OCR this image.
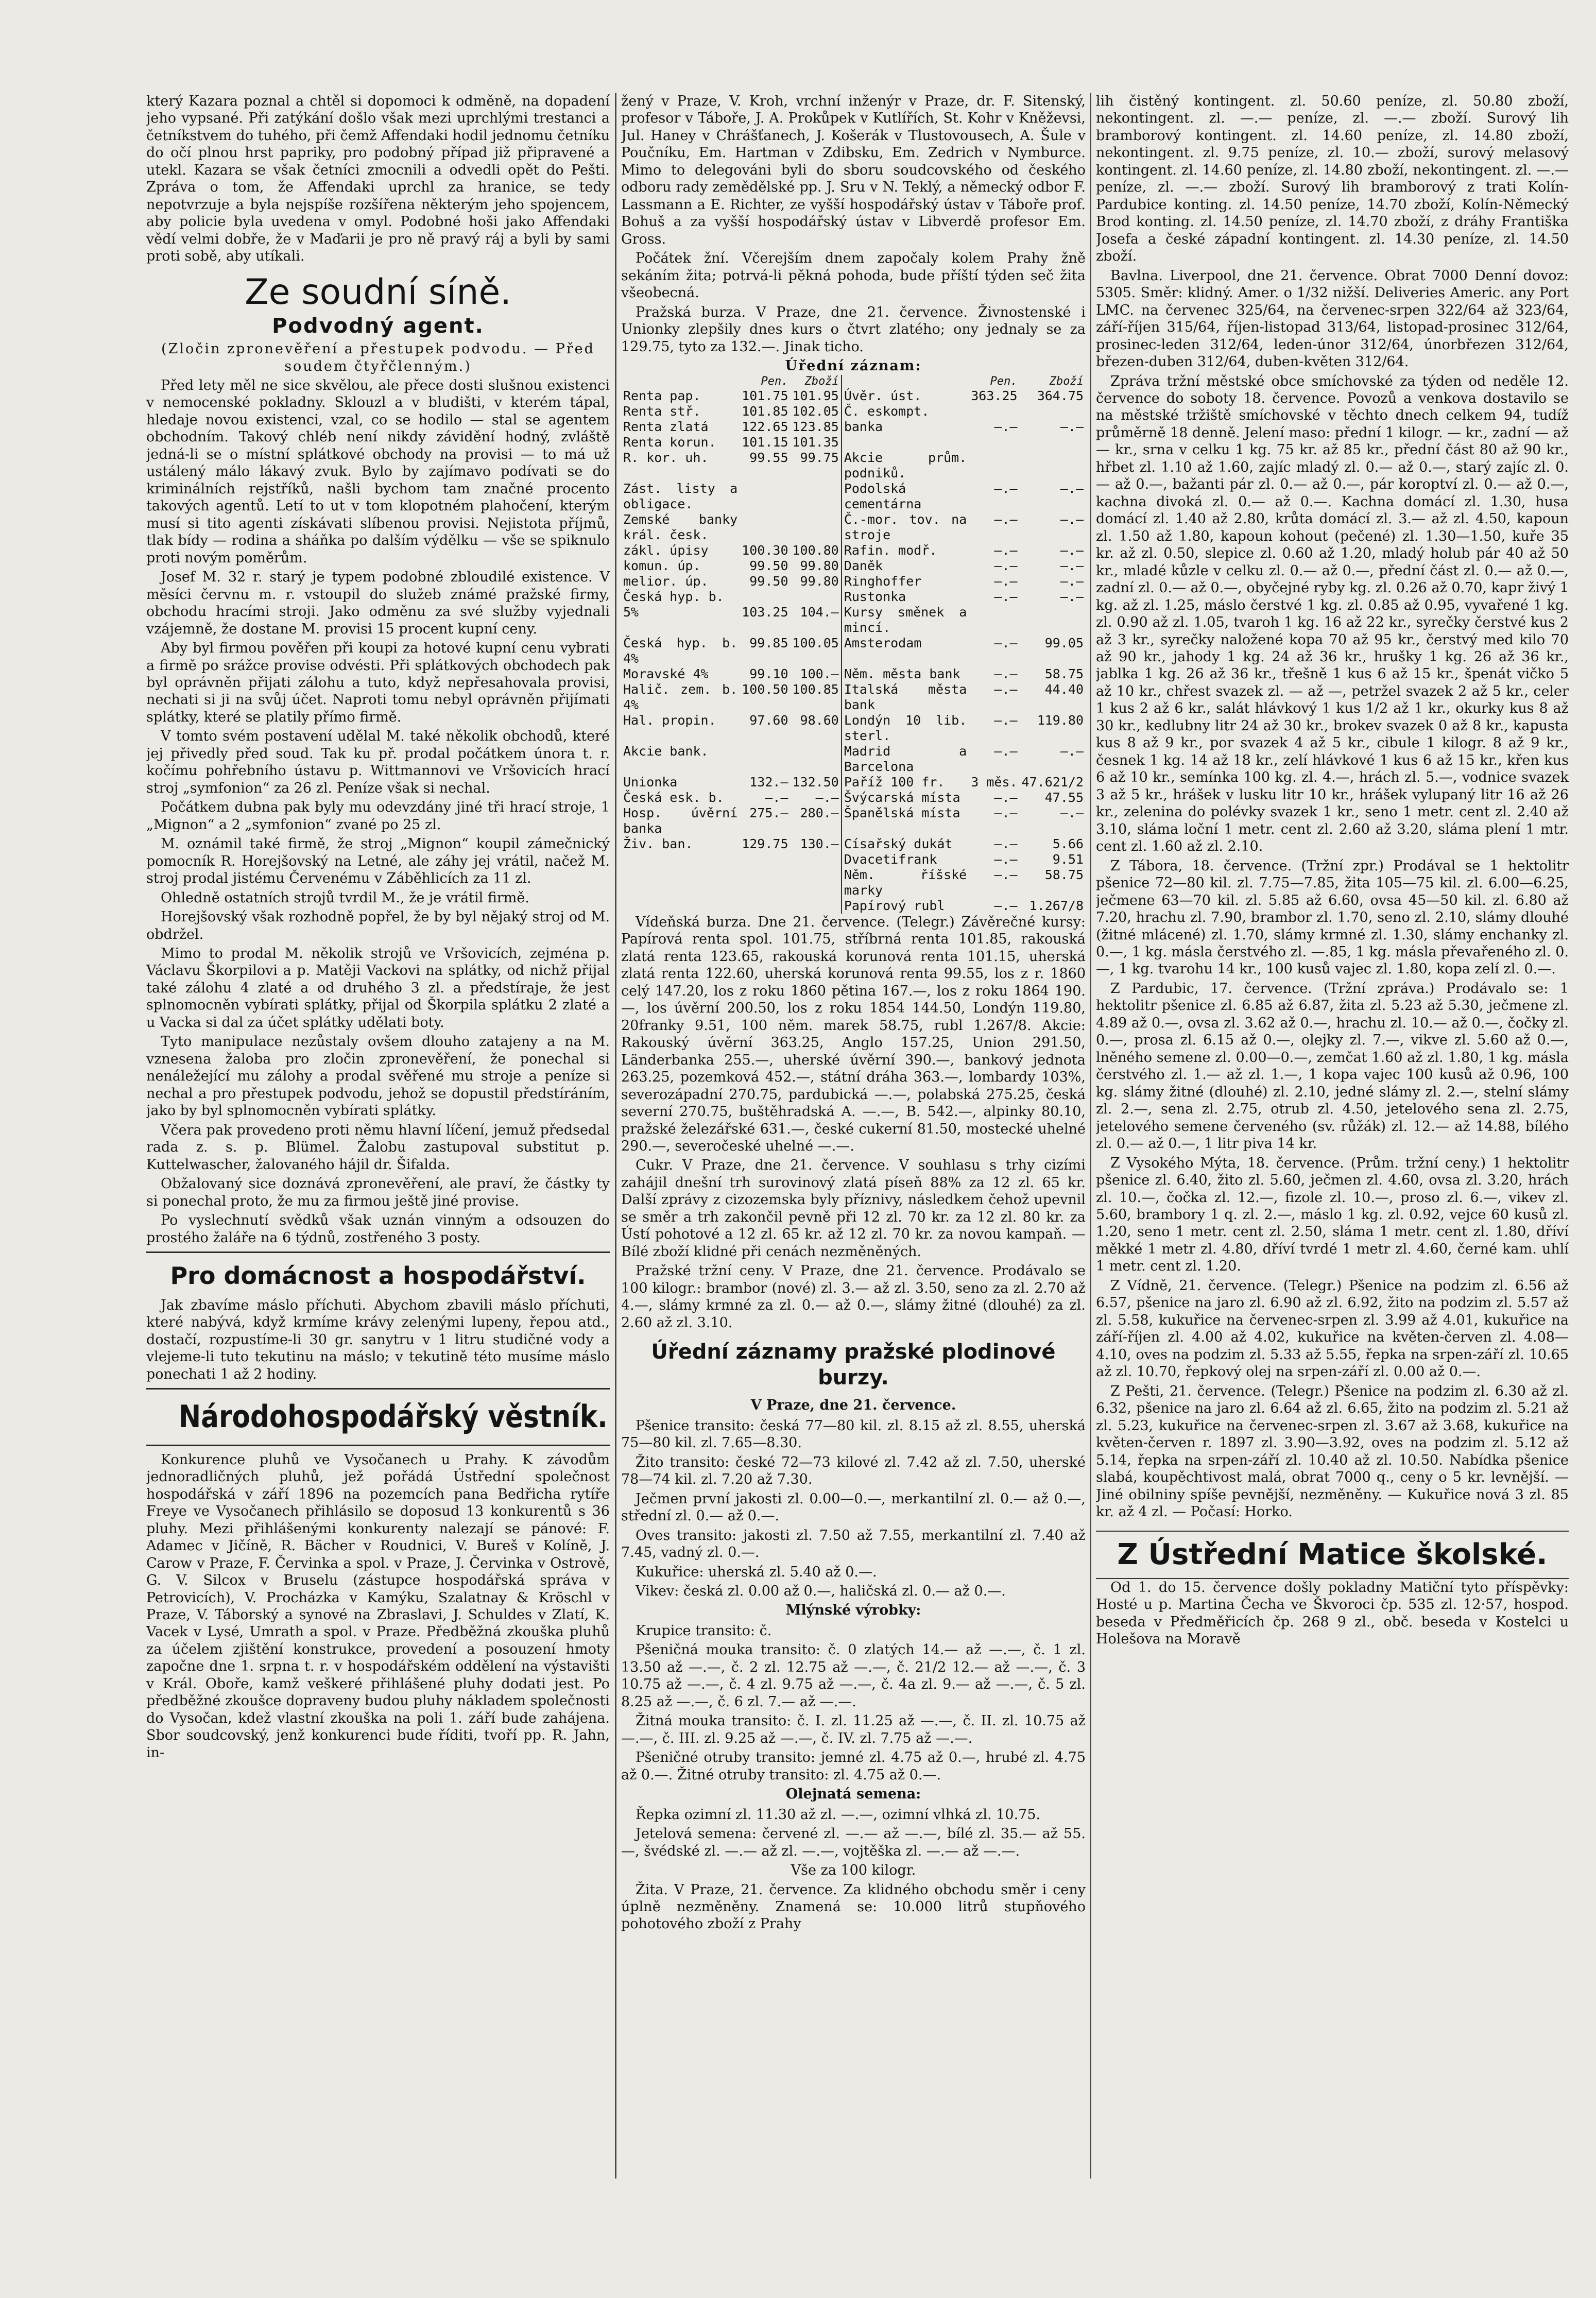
který Kazara poznal a chtěl si dopomoci k odměně, na dopadení jeho vypsané. Při zatýkání došlo však mezi uprchlými trestanci a četníkstvem do tuhého, při čemž Affendaki hodil jednomu četníku do očí plnou hrst papriky, pro podobný případ již připravené a utekl. Kazara se však četníci zmocnili a odvedli opět do Pešti. Zpráva o tom, že Affendaki uprchl za hranice, se tedy nepotvrzuje a byla nejspíše rozšířena některým jeho spojencem, aby policie byla uvedena v omyl. Podobné hoši jako Affendaki vědí velmi dobře, že v Maďarii je pro ně pravý ráj a byli by sami proti sobě, aby utíkali.

Ze soudní síně.
Podvodný agent.

(Zločin zpronevěření a přestupek podvodu. — Před soudem čtyřčlenným.)

Před lety měl ne sice skvělou, ale přece dosti slušnou existenci v nemocenské pokladny. Sklouzl a v bludišti, v kterém tápal, hledaje novou existenci, vzal, co se hodilo — stal se agentem obchodním. Takový chléb není nikdy závidění hodný, zvláště jedná-li se o místní splátkové obchody na provisi — to má už ustálený málo lákavý zvuk. Bylo by zajímavo podívati se do kriminálních rejstříků, našli bychom tam značné procento takových agentů. Letí to ut v tom klopotném plahočení, kterým musí si tito agenti získávati slíbenou provisi. Nejistota příjmů, tlak bídy — rodina a sháňka po dalším výdělku — vše se spiknulo proti novým poměrům.

Josef M. 32 r. starý je typem podobné zbloudilé existence. V měsíci červnu m. r. vstoupil do služeb známé pražské firmy, obchodu hracími stroji. Jako odměnu za své služby vyjednali vzájemně, že dostane M. provisi 15 procent kupní ceny.

Aby byl firmou pověřen při koupi za hotové kupní cenu vybrati a firmě po srážce provise odvésti. Při splátkových obchodech pak byl oprávněn přijati zálohu a tuto, když nepřesahovala provisi, nechati si ji na svůj účet. Naproti tomu nebyl oprávněn přijímati splátky, které se platily přímo firmě.

V tomto svém postavení udělal M. také několik obchodů, které jej přivedly před soud. Tak ku př. prodal počátkem února t. r. kočímu pohřebního ústavu p. Wittmannovi ve Vršovicích hrací stroj „symfonion“ za 26 zl. Peníze však si nechal.

Počátkem dubna pak byly mu odevzdány jiné tři hrací stroje, 1 „Mignon“ a 2 „symfonion“ zvané po 25 zl.

M. oznámil také firmě, že stroj „Mignon“ koupil zámečnický pomocník R. Horejšovský na Letné, ale záhy jej vrátil, načež M. stroj prodal jistému Červenému v Záběhlicích za 11 zl.

Ohledně ostatních strojů tvrdil M., že je vrátil firmě.

Horejšovský však rozhodně popřel, že by byl nějaký stroj od M. obdržel.

Mimo to prodal M. několik strojů ve Vršovicích, zejména p. Václavu Škorpilovi a p. Matěji Vackovi na splátky, od nichž přijal také zálohu 4 zlaté a od druhého 3 zl. a předstíraje, že jest splnomocněn vybírati splátky, přijal od Škorpila splátku 2 zlaté a u Vacka si dal za účet splátky udělati boty.

Tyto manipulace nezůstaly ovšem dlouho zatajeny a na M. vznesena žaloba pro zločin zpronevěření, že ponechal si nenáležející mu zálohy a prodal svěřené mu stroje a peníze si nechal a pro přestupek podvodu, jehož se dopustil předstíráním, jako by byl splnomocněn vybírati splátky.

Včera pak provedeno proti němu hlavní líčení, jemuž předsedal rada z. s. p. Blümel. Žalobu zastupoval substitut p. Kuttelwascher, žalovaného hájil dr. Šifalda.

Obžalovaný sice doznává zpronevěření, ale praví, že částky ty si ponechal proto, že mu za firmou ještě jiné provise.

Po vyslechnutí svědků však uznán vinným a odsouzen do prostého žaláře na 6 týdnů, zostřeného 3 posty.

Pro domácnost a hospodářství.

Jak zbavíme máslo příchuti. Abychom zbavili máslo příchuti, které nabývá, když krmíme krávy zelenými lupeny, řepou atd., dostačí, rozpustíme-li 30 gr. sanytru v 1 litru studičné vody a vlejeme-li tuto tekutinu na máslo; v tekutině této musíme máslo ponechati 1 až 2 hodiny.

Národohospodářský věstník.

Konkurence pluhů ve Vysočanech u Prahy. K závodům jednoradličných pluhů, jež pořádá Ústřední společnost hospodářská v září 1896 na pozemcích pana Bedřicha rytíře Freye ve Vysočanech přihlásilo se doposud 13 konkurentů s 36 pluhy. Mezi přihlášenými konkurenty nalezají se pánové: F. Adamec v Jičíně, R. Bächer v Roudnici, V. Bureš v Kolíně, J. Carow v Praze, F. Červinka a spol. v Praze, J. Červinka v Ostrově, G. V. Silcox v Bruselu (zástupce hospodářská správa v Petrovicích), V. Procházka v Kamýku, Szalatnay & Kröschl v Praze, V. Táborský a synové na Zbraslavi, J. Schuldes v Zlatí, K. Vacek v Lysé, Umrath a spol. v Praze. Předběžná zkouška pluhů za účelem zjištění konstrukce, provedení a posouzení hmoty započne dne 1. srpna t. r. v hospodářském oddělení na výstavišti v Král. Oboře, kamž veškeré přihlášené pluhy dodati jest. Po předběžné zkoušce dopraveny budou pluhy nákladem společnosti do Vysočan, kdež vlastní zkouška na poli 1. září bude zahájena. Sbor soudcovský, jenž konkurenci bude říditi, tvoří pp. R. Jahn, in-

žený v Praze, V. Kroh, vrchní inženýr v Praze, dr. F. Sitenský, profesor v Táboře, J. A. Prokůpek v Kutlířích, St. Kohr v Kněževsi, Jul. Haney v Chrášťanech, J. Košerák v Tlustovousech, A. Šule v Poučníku, Em. Hartman v Zdibsku, Em. Zedrich v Nymburce. Mimo to delegováni byli do sboru soudcovského od českého odboru rady zemědělské pp. J. Sru v N. Teklý, a německý odbor F. Lassmann a E. Richter, ze vyšší hospodářský ústav v Táboře prof. Bohuš a za vyšší hospodářský ústav v Libverdě profesor Em. Gross.

Počátek žní. Včerejším dnem započaly kolem Prahy žně sekáním žita; potrvá-li pěkná pohoda, bude příští týden seč žita všeobecná.

Pražská burza. V Praze, dne 21. července. Živnostenské i Unionky zlepšily dnes kurs o čtvrt zlatého; ony jednaly se za 129.75, tyto za 132.—. Jinak ticho.

Úřední záznam:
	Pen.	Zboží		Pen.	Zboží
Renta pap.	101.75	101.95	Úvěr. úst.	363.25	364.75
Renta stř.	101.85	102.05	Č. eskompt.		
Renta zlatá	122.65	123.85	banka	—.—	—.—
Renta korun.	101.15	101.35			
R. kor. uh.	99.55	99.75	Akcie prům. podniků.		
Zást. listy a obligace.			Podolská cementárna	—.—	—.—
Zemské banky král. česk.			Č.-mor. tov. na stroje	—.—	—.—
zákl. úpisy	100.30	100.80	Rafin. modř.	—.—	—.—
komun. úp.	99.50	99.80	Daněk	—.—	—.—
melior. úp.	99.50	99.80	Ringhoffer	—.—	—.—
Česká hyp. b.			Rustonka	—.—	—.—
5%	103.25	104.—	Kursy směnek a mincí.		
Česká hyp. b. 4%	99.85	100.05	Amsterodam	—.—	99.05
Moravské 4%	99.10	100.—	Něm. města bank	—.—	58.75
Halič. zem. b. 4%	100.50	100.85	Italská města bank	—.—	44.40
Hal. propin.	97.60	98.60	Londýn 10 lib. sterl.	—.—	119.80
Akcie bank.			Madrid a Barcelona	—.—	—.—
Unionka	132.—	132.50	Paříž 100 fr.	3 měs.	47.621/2
Česká esk. b.	—.—	—.—	Švýcarská místa	—.—	47.55
Hosp. úvěrní banka	275.—	280.—	Španělská místa	—.—	—.—
Živ. ban.	129.75	130.—	Císařský dukát	—.—	5.66
			Dvacetifrank	—.—	9.51
			Něm. říšské marky	—.—	58.75
			Papírový rubl	—.—	1.267/8

Vídeňská burza. Dne 21. července. (Telegr.) Závěrečné kursy: Papírová renta spol. 101.75, stříbrná renta 101.85, rakouská zlatá renta 123.65, rakouská korunová renta 101.15, uherská zlatá renta 122.60, uherská korunová renta 99.55, los z r. 1860 celý 147.20, los z roku 1860 pětina 167.—, los z roku 1864 190.—, los úvěrní 200.50, los z roku 1854 144.50, Londýn 119.80, 20franky 9.51, 100 něm. marek 58.75, rubl 1.267/8. Akcie: Rakouský úvěrní 363.25, Anglo 157.25, Union 291.50, Länderbanka 255.—, uherské úvěrní 390.—, bankový jednota 263.25, pozemková 452.—, státní dráha 363.—, lombardy 103%, severozápadní 270.75, pardubická —.—, polabská 275.25, česká severní 270.75, buštěhradská A. —.—, B. 542.—, alpinky 80.10, pražské železářské 631.—, české cukerní 81.50, mostecké uhelné 290.—, severočeské uhelné —.—.

Cukr. V Praze, dne 21. července. V souhlasu s trhy cizími zahájil dnešní trh surovinový zlatá píseň 88% za 12 zl. 65 kr. Další zprávy z cizozemska byly příznivy, následkem čehož upevnil se směr a trh zakončil pevně při 12 zl. 70 kr. za 12 zl. 80 kr. za Ústí pohotové a 12 zl. 65 kr. až 12 zl. 70 kr. za novou kampaň. — Bílé zboží klidné při cenách nezměněných.

Pražské tržní ceny. V Praze, dne 21. července. Prodávalo se 100 kilogr.: brambor (nové) zl. 3.— až zl. 3.50, seno za zl. 2.70 až 4.—, slámy krmné za zl. 0.— až 0.—, slámy žitné (dlouhé) za zl. 2.60 až zl. 3.10.

Úřední záznamy pražské plodinové burzy.
V Praze, dne 21. července.

Pšenice transito: česká 77—80 kil. zl. 8.15 až zl. 8.55, uherská 75—80 kil. zl. 7.65—8.30.

Žito transito: české 72—73 kilové zl. 7.42 až zl. 7.50, uherské 78—74 kil. zl. 7.20 až 7.30.

Ječmen první jakosti zl. 0.00—0.—, merkantilní zl. 0.— až 0.—, střední zl. 0.— až 0.—.

Oves transito: jakosti zl. 7.50 až 7.55, merkantilní zl. 7.40 až 7.45, vadný zl. 0.—.

Kukuřice: uherská zl. 5.40 až 0.—.

Vikev: česká zl. 0.00 až 0.—, haličská zl. 0.— až 0.—.

Mlýnské výrobky:

Krupice transito: č.

Pšeničná mouka transito: č. 0 zlatých 14.— až —.—, č. 1 zl. 13.50 až —.—, č. 2 zl. 12.75 až —.—, č. 21/2 12.— až —.—, č. 3 10.75 až —.—, č. 4 zl. 9.75 až —.—, č. 4a zl. 9.— až —.—, č. 5 zl. 8.25 až —.—, č. 6 zl. 7.— až —.—.

Žitná mouka transito: č. I. zl. 11.25 až —.—, č. II. zl. 10.75 až —.—, č. III. zl. 9.25 až —.—, č. IV. zl. 7.75 až —.—.

Pšeničné otruby transito: jemné zl. 4.75 až 0.—, hrubé zl. 4.75 až 0.—. Žitné otruby transito: zl. 4.75 až 0.—.

Olejnatá semena:

Řepka ozimní zl. 11.30 až zl. —.—, ozimní vlhká zl. 10.75.

Jetelová semena: červené zl. —.— až —.—, bílé zl. 35.— až 55.—, švédské zl. —.— až zl. —.—, vojtěška zl. —.— až —.—.

Vše za 100 kilogr.

Žita. V Praze, 21. července. Za klidného obchodu směr i ceny úplně nezměněny. Znamená se: 10.000 litrů stupňového pohotového zboží z Prahy

lih čistěný kontingent. zl. 50.60 peníze, zl. 50.80 zboží, nekontingent. zl. —.— peníze, zl. —.— zboží. Surový lih bramborový kontingent. zl. 14.60 peníze, zl. 14.80 zboží, nekontingent. zl. 9.75 peníze, zl. 10.— zboží, surový melasový kontingent. zl. 14.60 peníze, zl. 14.80 zboží, nekontingent. zl. —.— peníze, zl. —.— zboží. Surový lih bramborový z trati Kolín-Pardubice konting. zl. 14.50 peníze, 14.70 zboží, Kolín-Německý Brod konting. zl. 14.50 peníze, zl. 14.70 zboží, z dráhy Františka Josefa a české západní kontingent. zl. 14.30 peníze, zl. 14.50 zboží.

Bavlna. Liverpool, dne 21. července. Obrat 7000 Denní dovoz: 5305. Směr: klidný. Amer. o 1/32 nižší. Deliveries Americ. any Port LMC. na červenec 325/64, na červenec-srpen 322/64 až 323/64, září-říjen 315/64, říjen-listopad 313/64, listopad-prosinec 312/64, prosinec-leden 312/64, leden-únor 312/64, únorbřezen 312/64, březen-duben 312/64, duben-květen 312/64.

Zpráva tržní městské obce smíchovské za týden od neděle 12. července do soboty 18. července. Povozů a venkova dostavilo se na městské tržiště smíchovské v těchto dnech celkem 94, tudíž průměrně 18 denně. Jelení maso: přední 1 kilogr. — kr., zadní — až — kr., srna v celku 1 kg. 75 kr. až 85 kr., přední část 80 až 90 kr., hřbet zl. 1.10 až 1.60, zajíc mladý zl. 0.— až 0.—, starý zajíc zl. 0.— až 0.—, bažanti pár zl. 0.— až 0.—, pár koroptví zl. 0.— až 0.—, kachna divoká zl. 0.— až 0.—. Kachna domácí zl. 1.30, husa domácí zl. 1.40 až 2.80, krůta domácí zl. 3.— až zl. 4.50, kapoun zl. 1.50 až 1.80, kapoun kohout (pečené) zl. 1.30—1.50, kuře 35 kr. až zl. 0.50, slepice zl. 0.60 až 1.20, mladý holub pár 40 až 50 kr., mladé kůzle v celku zl. 0.— až 0.—, přední část zl. 0.— až 0.—, zadní zl. 0.— až 0.—, obyčejné ryby kg. zl. 0.26 až 0.70, kapr živý 1 kg. až zl. 1.25, máslo čerstvé 1 kg. zl. 0.85 až 0.95, vyvařené 1 kg. zl. 0.90 až zl. 1.05, tvaroh 1 kg. 16 až 22 kr., syrečky čerstvé kus 2 až 3 kr., syrečky naložené kopa 70 až 95 kr., čerstvý med kilo 70 až 90 kr., jahody 1 kg. 24 až 36 kr., hrušky 1 kg. 26 až 36 kr., jablka 1 kg. 26 až 36 kr., třešně 1 kus 6 až 15 kr., špenát vičko 5 až 10 kr., chřest svazek zl. — až —, petržel svazek 2 až 5 kr., celer 1 kus 2 až 6 kr., salát hlávkový 1 kus 1/2 až 1 kr., okurky kus 8 až 30 kr., kedlubny litr 24 až 30 kr., brokev svazek 0 až 8 kr., kapusta kus 8 až 9 kr., por svazek 4 až 5 kr., cibule 1 kilogr. 8 až 9 kr., česnek 1 kg. 14 až 18 kr., zelí hlávkové 1 kus 6 až 15 kr., křen kus 6 až 10 kr., semínka 100 kg. zl. 4.—, hrách zl. 5.—, vodnice svazek 3 až 5 kr., hrášek v lusku litr 10 kr., hrášek vylupaný litr 16 až 26 kr., zelenina do polévky svazek 1 kr., seno 1 metr. cent zl. 2.40 až 3.10, sláma loční 1 metr. cent zl. 2.60 až 3.20, sláma plení 1 mtr. cent zl. 1.60 až zl. 2.10.

Z Tábora, 18. července. (Tržní zpr.) Prodával se 1 hektolitr pšenice 72—80 kil. zl. 7.75—7.85, žita 105—75 kil. zl. 6.00—6.25, ječmene 63—70 kil. zl. 5.85 až 6.60, ovsa 45—50 kil. zl. 6.80 až 7.20, hrachu zl. 7.90, brambor zl. 1.70, seno zl. 2.10, slámy dlouhé (žitné mlácené) zl. 1.70, slámy krmné zl. 1.30, slámy enchanky zl. 0.—, 1 kg. másla čerstvého zl. —.85, 1 kg. másla převařeného zl. 0.—, 1 kg. tvarohu 14 kr., 100 kusů vajec zl. 1.80, kopa zelí zl. 0.—.

Z Pardubic, 17. července. (Tržní zpráva.) Prodávalo se: 1 hektolitr pšenice zl. 6.85 až 6.87, žita zl. 5.23 až 5.30, ječmene zl. 4.89 až 0.—, ovsa zl. 3.62 až 0.—, hrachu zl. 10.— až 0.—, čočky zl. 0.—, prosa zl. 6.15 až 0.—, olejky zl. 7.—, vikve zl. 5.60 až 0.—, lněného semene zl. 0.00—0.—, zemčat 1.60 až zl. 1.80, 1 kg. másla čerstvého zl. 1.— až zl. 1.—, 1 kopa vajec 100 kusů až 0.96, 100 kg. slámy žitné (dlouhé) zl. 2.10, jedné slámy zl. 2.—, stelní slámy zl. 2.—, sena zl. 2.75, otrub zl. 4.50, jetelového sena zl. 2.75, jetelového semene červeného (sv. růžák) zl. 12.— až 14.88, bílého zl. 0.— až 0.—, 1 litr piva 14 kr.

Z Vysokého Mýta, 18. července. (Prům. tržní ceny.) 1 hektolitr pšenice zl. 6.40, žito zl. 5.60, ječmen zl. 4.60, ovsa zl. 3.20, hrách zl. 10.—, čočka zl. 12.—, fizole zl. 10.—, proso zl. 6.—, vikev zl. 5.60, brambory 1 q. zl. 2.—, máslo 1 kg. zl. 0.92, vejce 60 kusů zl. 1.20, seno 1 metr. cent zl. 2.50, sláma 1 metr. cent zl. 1.80, dříví měkké 1 metr zl. 4.80, dříví tvrdé 1 metr zl. 4.60, černé kam. uhlí 1 metr. cent zl. 1.20.

Z Vídně, 21. července. (Telegr.) Pšenice na podzim zl. 6.56 až 6.57, pšenice na jaro zl. 6.90 až zl. 6.92, žito na podzim zl. 5.57 až zl. 5.58, kukuřice na červenec-srpen zl. 3.99 až 4.01, kukuřice na září-říjen zl. 4.00 až 4.02, kukuřice na květen-červen zl. 4.08—4.10, oves na podzim zl. 5.33 až 5.55, řepka na srpen-září zl. 10.65 až zl. 10.70, řepkový olej na srpen-září zl. 0.00 až 0.—.

Z Pešti, 21. července. (Telegr.) Pšenice na podzim zl. 6.30 až zl. 6.32, pšenice na jaro zl. 6.64 až zl. 6.65, žito na podzim zl. 5.21 až zl. 5.23, kukuřice na červenec-srpen zl. 3.67 až 3.68, kukuřice na květen-červen r. 1897 zl. 3.90—3.92, oves na podzim zl. 5.12 až 5.14, řepka na srpen-září zl. 10.40 až zl. 10.50. Nabídka pšenice slabá, koupěchtivost malá, obrat 7000 q., ceny o 5 kr. levnější. — Jiné obilniny spíše pevnější, nezměněny. — Kukuřice nová 3 zl. 85 kr. až 4 zl. — Počasí: Horko.

Z Ústřední Matice školské.

Od 1. do 15. července došly pokladny Matiční tyto příspěvky: Hosté u p. Martina Čecha ve Škvoroci čp. 535 zl. 12·57, hospod. beseda v Předměřicích čp. 268 9 zl., obč. beseda v Kostelci u Holešova na Moravě
